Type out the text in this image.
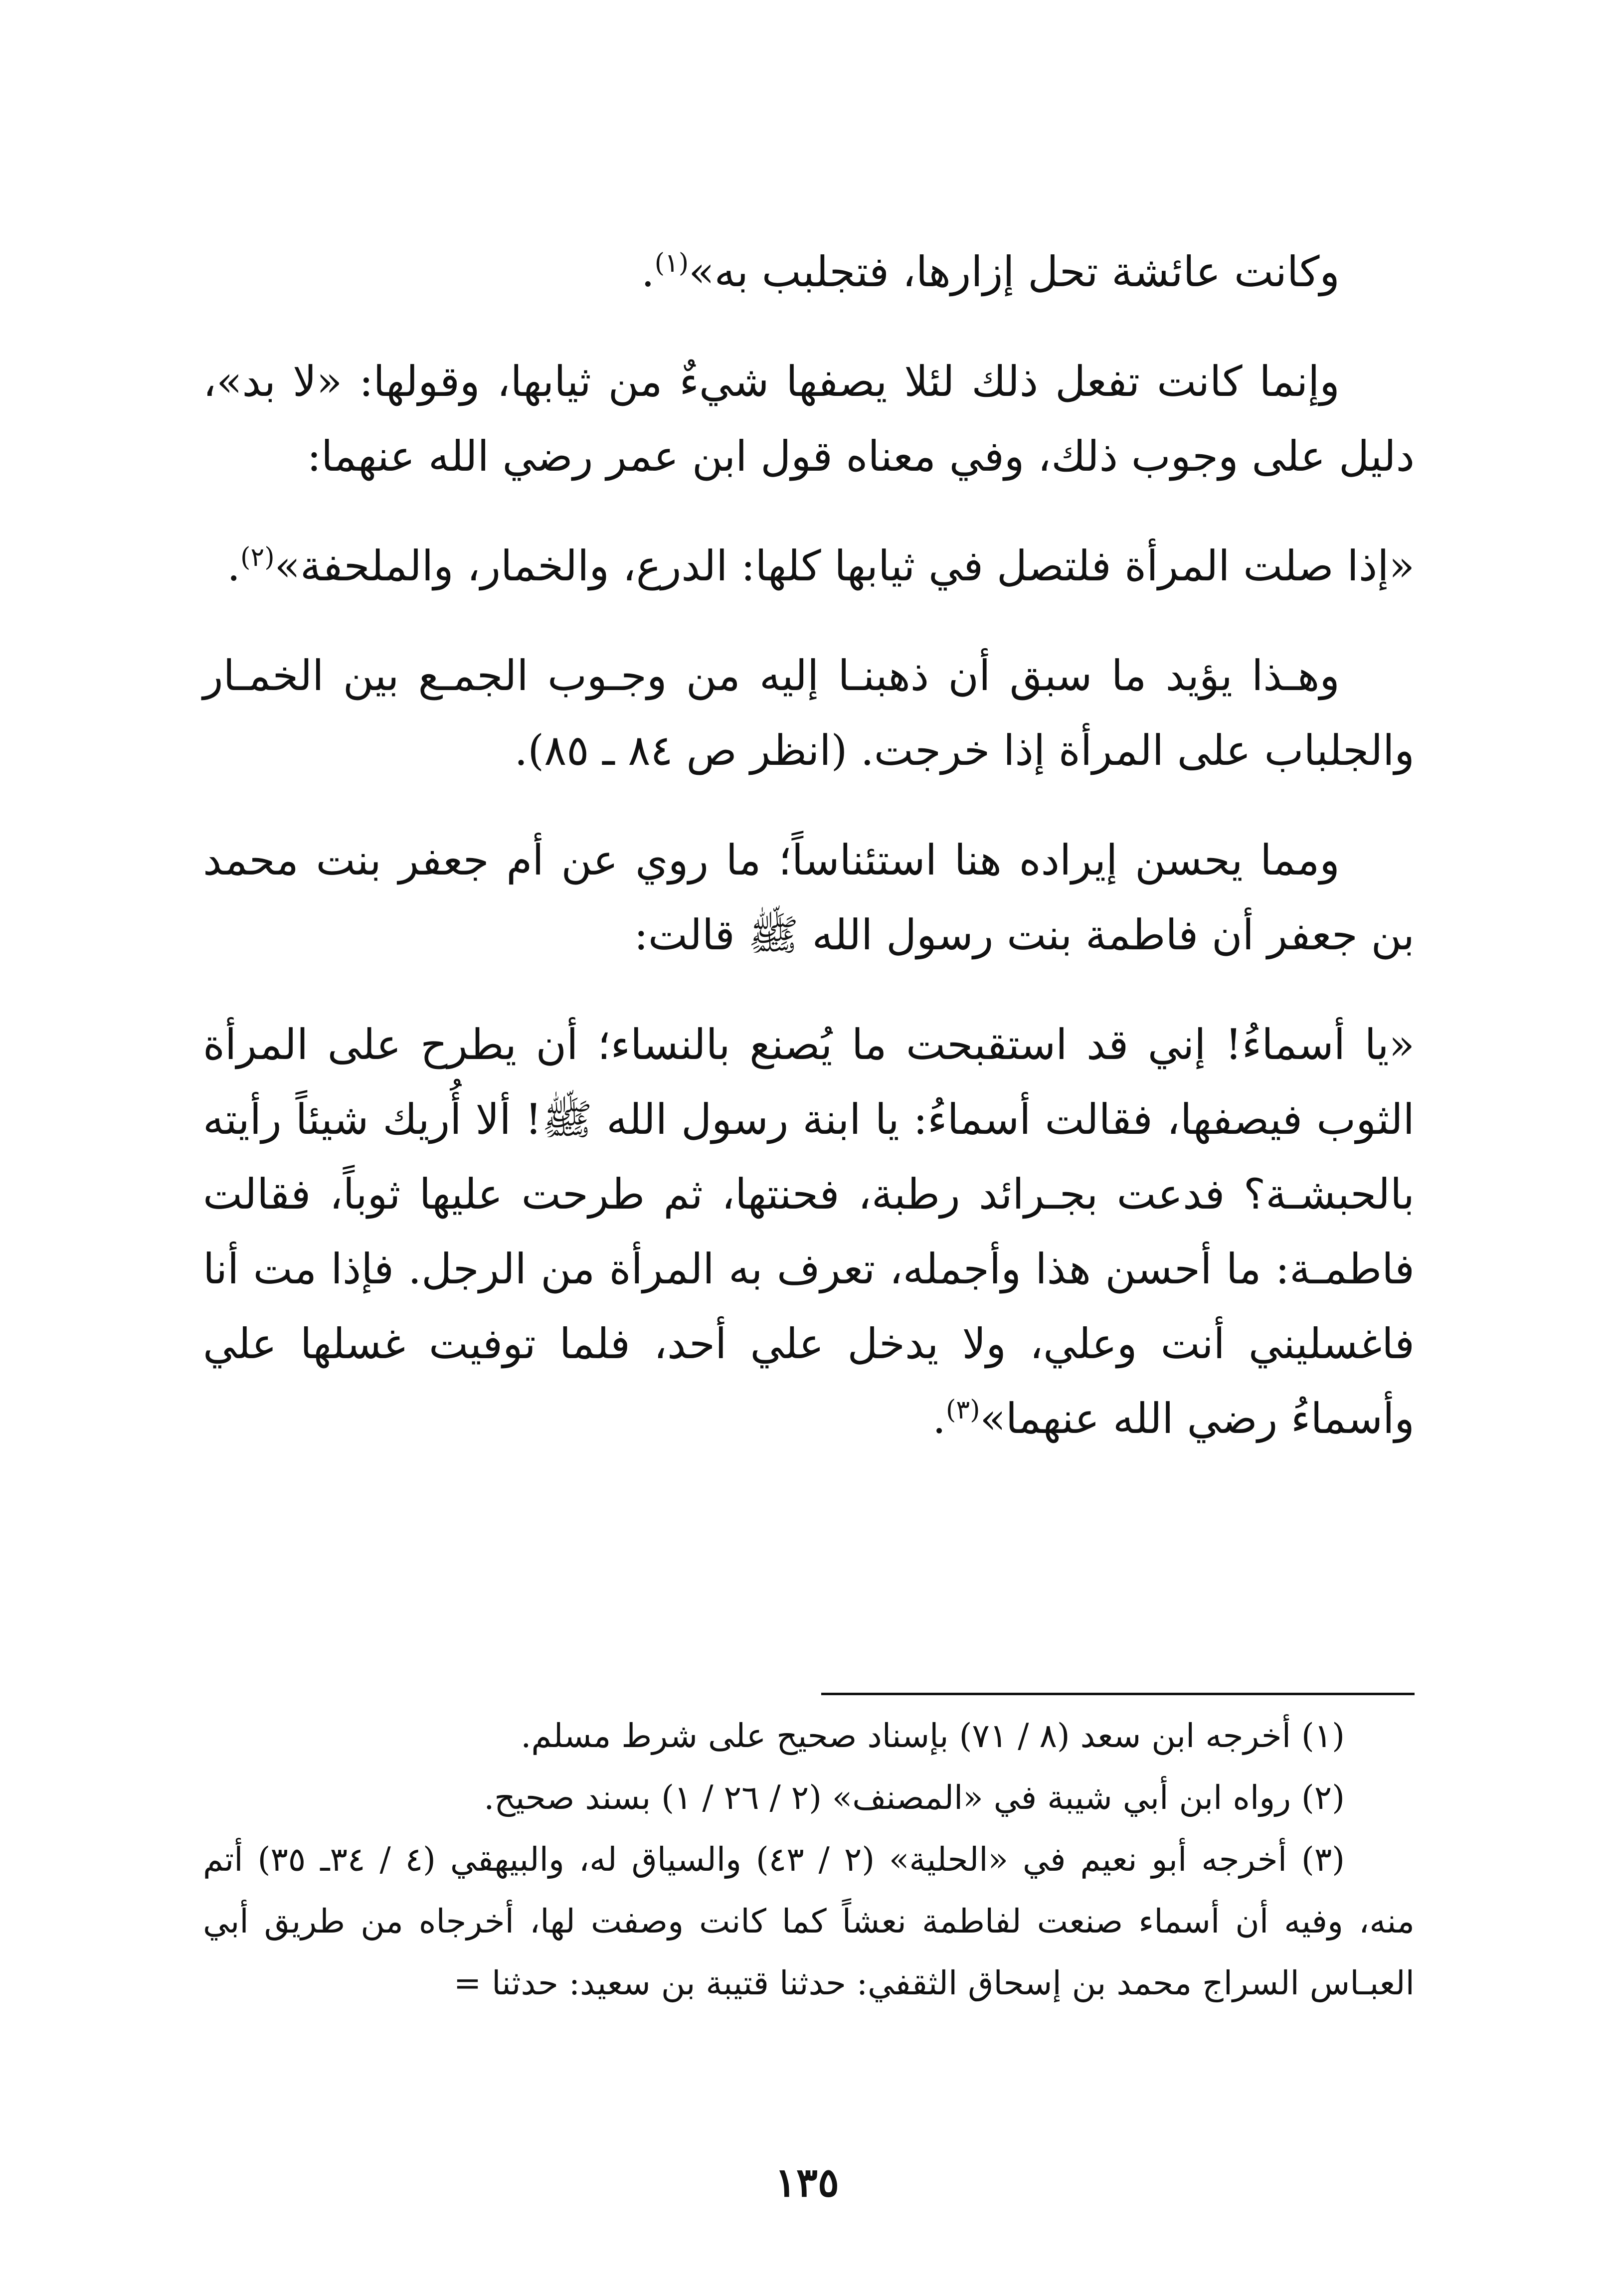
وكانت عائشة تحل إزارها، فتجلبب به»$^{(١)}$.

وإنما كانت تفعل ذلك لئلا يصفها شيءٌ من ثيابها، وقولها: «لا بد»، دليل على وجوب ذلك، وفي معناه قول ابن عمر رضي الله عنهما:

«إذا صلت المرأة فلتصل في ثيابها كلها: الدرع، والخمار، والملحفة»$^{(٢)}$.

وهـذا يؤيد ما سبق أن ذهبنـا إليه من وجـوب الجمـع بين الخمـار والجلباب على المرأة إذا خرجت. (انظر ص ٨٤ ـ ٨٥).

ومما يحسن إيراده هنا استئناساً؛ ما روي عن أم جعفر بنت محمد بن جعفر أن فاطمة بنت رسول الله ﷺ قالت:

«يا أسماءُ! إني قد استقبحت ما يُصنع بالنساء؛ أن يطرح على المرأة الثوب فيصفها، فقالت أسماءُ: يا ابنة رسول الله ﷺ! ألا أُريك شيئاً رأيته بالحبشـة؟ فدعت بجـرائد رطبة، فحنتها، ثم طرحت عليها ثوباً، فقالت فاطمـة: ما أحسن هذا وأجمله، تعرف به المرأة من الرجل. فإذا مت أنا فاغسليني أنت وعلي، ولا يدخل علي أحد، فلما توفيت غسلها علي وأسماءُ رضي الله عنهما»$^{(٣)}$.

(١) أخرجه ابن سعد (٨ / ٧١) بإسناد صحيح على شرط مسلم.

(٢) رواه ابن أبي شيبة في «المصنف» (٢ / ٢٦ / ١) بسند صحيح.

(٣) أخرجه أبو نعيم في «الحلية» (٢ / ٤٣) والسياق له، والبيهقي (٤ / ٣٤ـ ٣٥) أتم منه، وفيه أن أسماء صنعت لفاطمة نعشاً كما كانت وصفت لها، أخرجاه من طريق أبي العبـاس السراج محمد بن إسحاق الثقفي: حدثنا قتيبة بن سعيد: حدثنا =

١٣٥
